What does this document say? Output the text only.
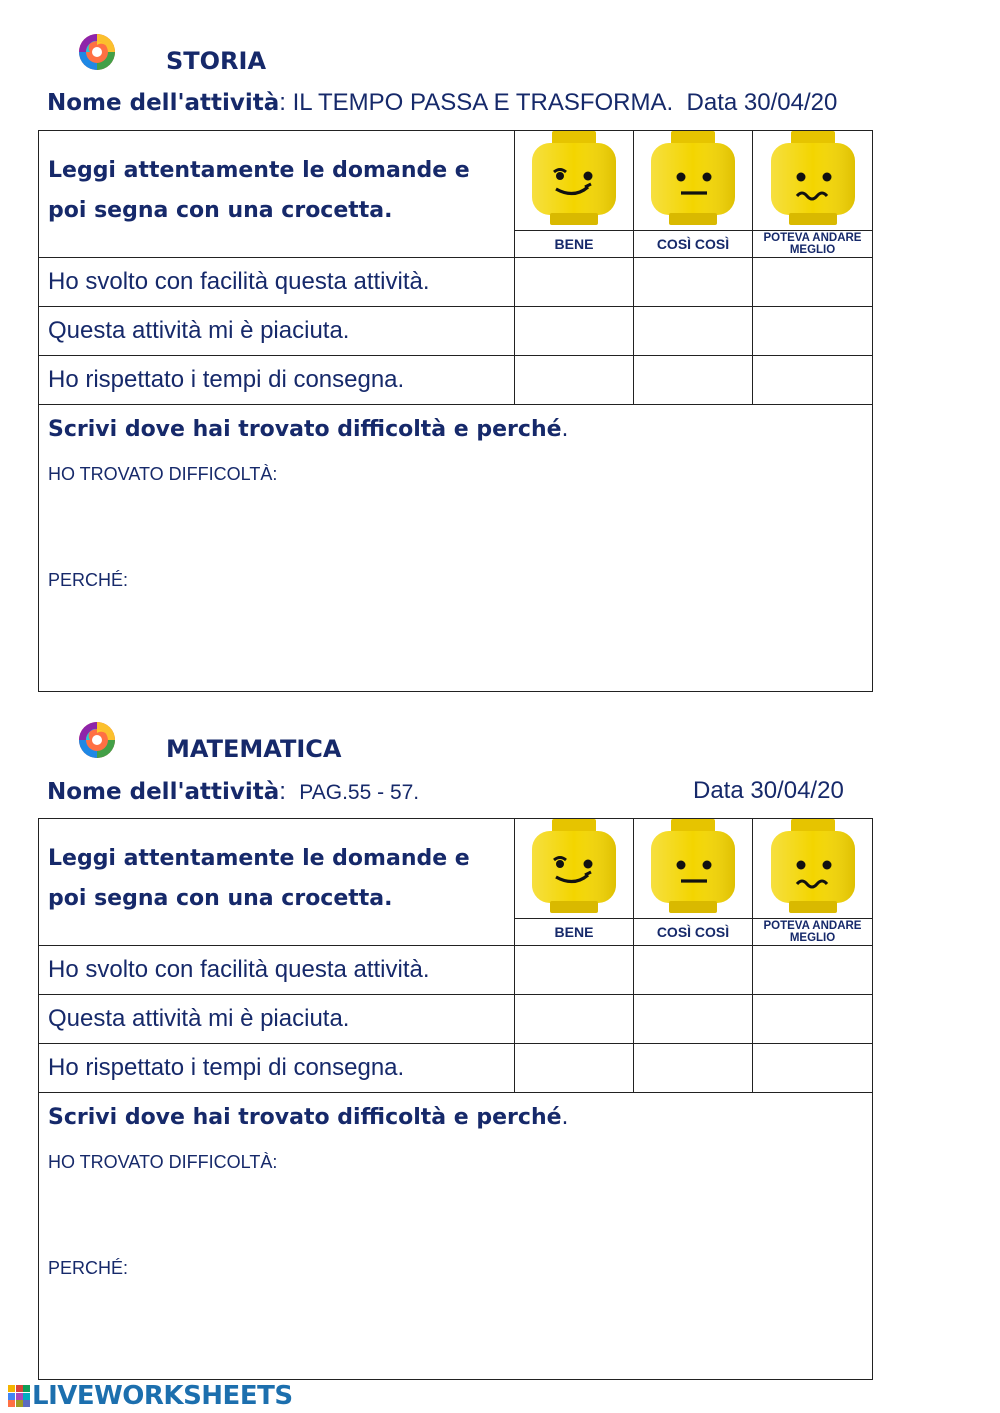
STORIA
Nome dell'attività: IL TEMPO PASSA E TRASFORMA. Data 30/04/20
Leggi attentamente le domande e poi segna con una crocetta.

	BENE	COSÌ COSÌ	POTEVA ANDARE MEGLIO
Ho svolto con facilità questa attività.			
Questa attività mi è piaciuta.			
Ho rispettato i tempi di consegna.			

Scrivi dove hai trovato difficoltà e perché.
HO TROVATO DIFFICOLTÀ:
PERCHÉ:			
MATEMATICA
Nome dell'attività:  PAG.55 - 57.	Data 30/04/20
Leggi attentamente le domande e poi segna con una crocetta.

	BENE	COSÌ COSÌ	POTEVA ANDARE MEGLIO
Ho svolto con facilità questa attività.			
Questa attività mi è piaciuta.			
Ho rispettato i tempi di consegna.			

Scrivi dove hai trovato difficoltà e perché.
HO TROVATO DIFFICOLTÀ:
PERCHÉ:			
LIVEWORKSHEETS
